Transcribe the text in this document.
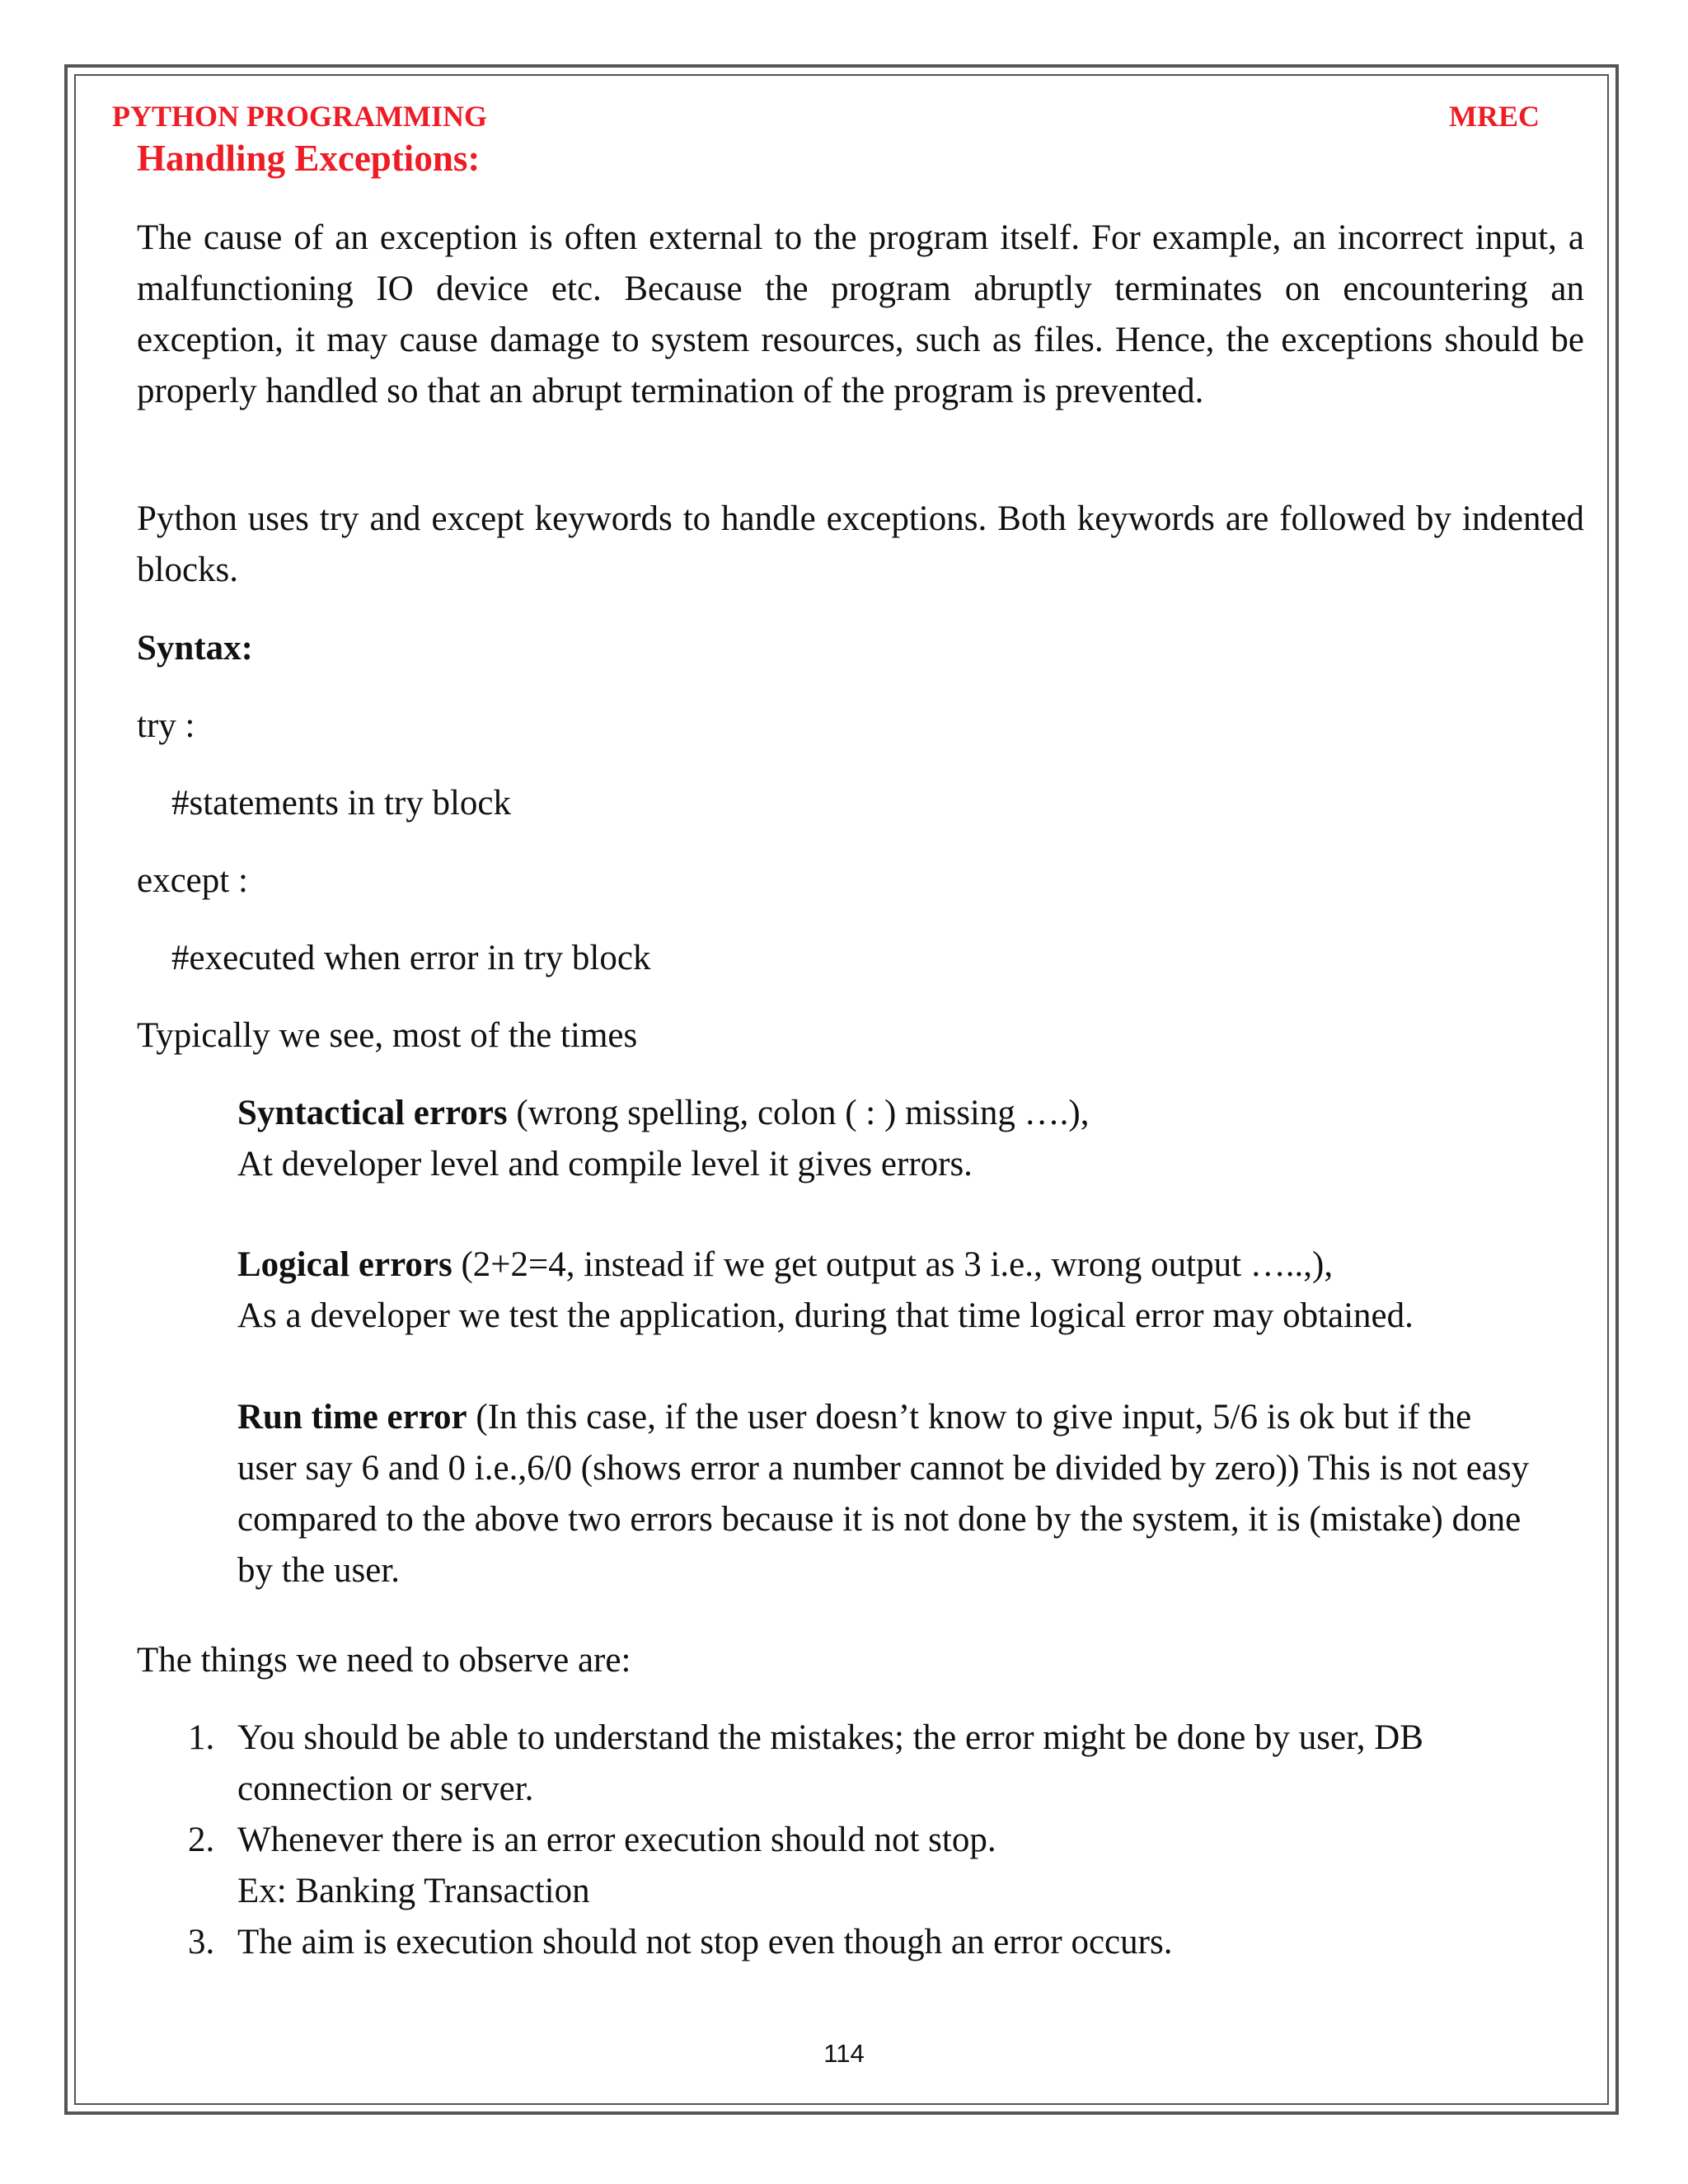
PYTHON PROGRAMMING	MREC
Handling Exceptions:
The cause of an exception is often external to the program itself. For example, an incorrect input, a malfunctioning IO device etc. Because the program abruptly terminates on encountering an exception, it may cause damage to system resources, such as files. Hence, the exceptions should be properly handled so that an abrupt termination of the program is prevented.
Python uses try and except keywords to handle exceptions. Both keywords are followed by indented blocks.
Syntax:
try :
#statements in try block
except :
#executed when error in try block
Typically we see, most of the times
Syntactical errors (wrong spelling, colon ( : ) missing ….),
At developer level and compile level it gives errors.
Logical errors (2+2=4, instead if we get output as 3 i.e., wrong output …..,),
As a developer we test the application, during that time logical error may obtained.
Run time error (In this case, if the user doesn’t know to give input, 5/6 is ok but if the user say 6 and 0 i.e.,6/0 (shows error a number cannot be divided by zero)) This is not easy compared to the above two errors because it is not done by the system, it is (mistake) done by the user.
The things we need to observe are:
1. You should be able to understand the mistakes; the error might be done by user, DB connection or server.
2. Whenever there is an error execution should not stop.
Ex: Banking Transaction
3. The aim is execution should not stop even though an error occurs.
114
